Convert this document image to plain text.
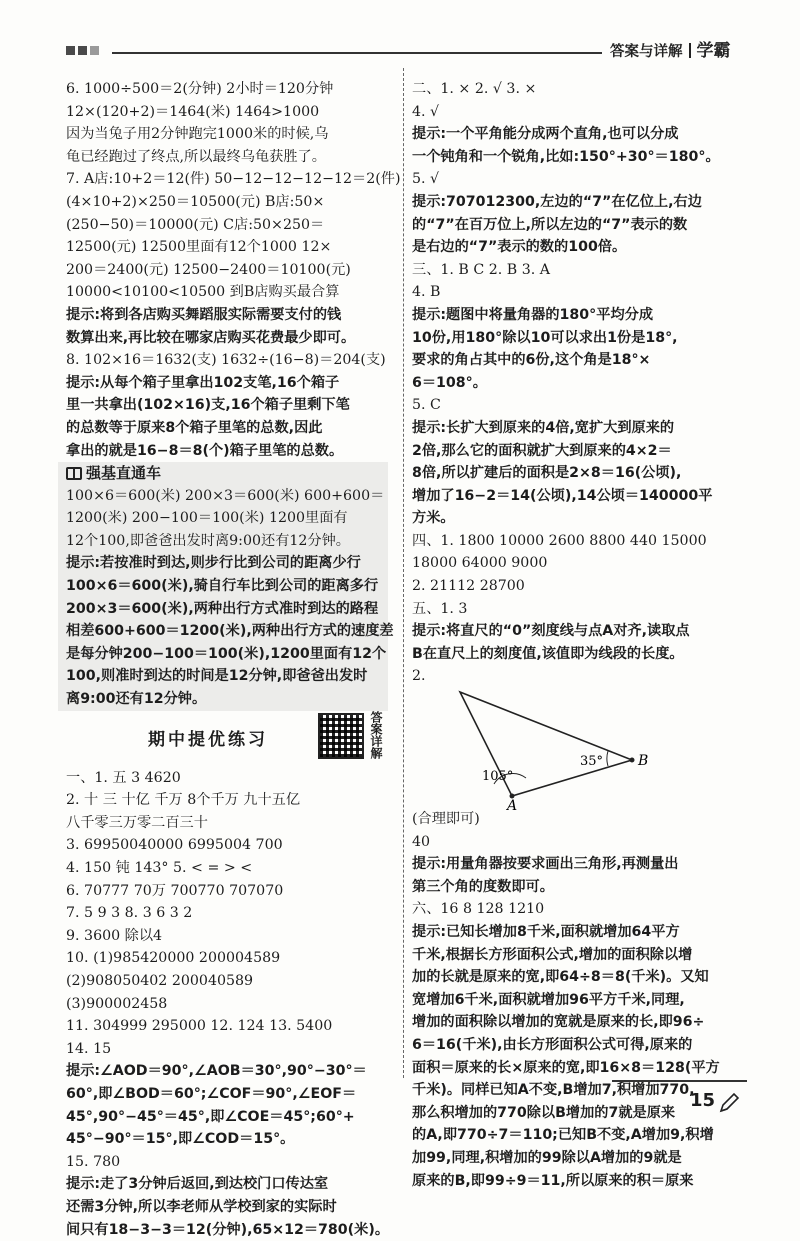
答案与详解 学霸
6. 1000÷500＝2(分钟) 2小时＝120分钟
12×(120+2)＝1464(米) 1464>1000
因为当兔子用2分钟跑完1000米的时候,乌
龟已经跑过了终点,所以最终乌龟获胜了。
7. A店:10+2＝12(件) 50−12−12−12−12＝2(件)
(4×10+2)×250＝10500(元) B店:50×
(250−50)＝10000(元) C店:50×250＝
12500(元) 12500里面有12个1000 12×
200＝2400(元) 12500−2400＝10100(元)
10000<10100<10500 到B店购买最合算
提示:将到各店购买舞蹈服实际需要支付的钱
数算出来,再比较在哪家店购买花费最少即可。
8. 102×16＝1632(支) 1632÷(16−8)＝204(支)
提示:从每个箱子里拿出102支笔,16个箱子
里一共拿出(102×16)支,16个箱子里剩下笔
的总数等于原来8个箱子里笔的总数,因此
拿出的就是16−8＝8(个)箱子里笔的总数。
强基直通车
100×6＝600(米) 200×3＝600(米) 600+600＝
1200(米) 200−100＝100(米) 1200里面有
12个100,即爸爸出发时离9:00还有12分钟。
提示:若按准时到达,则步行比到公司的距离少行
100×6＝600(米),骑自行车比到公司的距离多行
200×3＝600(米),两种出行方式准时到达的路程
相差600+600＝1200(米),两种出行方式的速度差
是每分钟200−100＝100(米),1200里面有12个
100,则准时到达的时间是12分钟,即爸爸出发时
离9:00还有12分钟。
期中提优练习	答案详解
一、1. 五 3 4620
2. 十 三 十亿 千万 8个千万 九十五亿
八千零三万零二百三十
3. 69950040000 6995004 700
4. 150 钝 143° 5. < = > <
6. 70777 70万 700770 707070
7. 5 9 3 8. 3 6 3 2
9. 3600 除以4
10. (1)985420000 200004589
(2)908050402 200040589
(3)900002458
11. 304999 295000 12. 124 13. 5400
14. 15
提示:∠AOD＝90°,∠AOB＝30°,90°−30°＝
60°,即∠BOD＝60°;∠COF＝90°,∠EOF＝
45°,90°−45°＝45°,即∠COE＝45°;60°+
45°−90°＝15°,即∠COD＝15°。
15. 780
提示:走了3分钟后返回,到达校门口传达室
还需3分钟,所以李老师从学校到家的实际时
间只有18−3−3＝12(分钟),65×12＝780(米)。
二、1. × 2. √ 3. ×
4. √
提示:一个平角能分成两个直角,也可以分成
一个钝角和一个锐角,比如:150°+30°＝180°。
5. √
提示:707012300,左边的“7”在亿位上,右边
的“7”在百万位上,所以左边的“7”表示的数
是右边的“7”表示的数的100倍。
三、1. B C 2. B 3. A
4. B
提示:题图中将量角器的180°平均分成
10份,用180°除以10可以求出1份是18°,
要求的角占其中的6份,这个角是18°×
6＝108°。
5. C
提示:长扩大到原来的4倍,宽扩大到原来的
2倍,那么它的面积就扩大到原来的4×2＝
8倍,所以扩建后的面积是2×8＝16(公顷),
增加了16−2＝14(公顷),14公顷＝140000平
方米。
四、1. 1800 10000 2600 8800 440 15000
18000 64000 9000
2. 21112 28700
五、1. 3
提示:将直尺的“0”刻度线与点A对齐,读取点
B在直尺上的刻度值,该值即为线段的长度。
2.
35°
105°
B
A
(合理即可)
40
提示:用量角器按要求画出三角形,再测量出
第三个角的度数即可。
六、16 8 128 1210
提示:已知长增加8千米,面积就增加64平方
千米,根据长方形面积公式,增加的面积除以增
加的长就是原来的宽,即64÷8＝8(千米)。又知
宽增加6千米,面积就增加96平方千米,同理,
增加的面积除以增加的宽就是原来的长,即96÷
6＝16(千米),由长方形面积公式可得,原来的
面积＝原来的长×原来的宽,即16×8＝128(平方
千米)。同样已知A不变,B增加7,积增加770,
那么积增加的770除以B增加的7就是原来
的A,即770÷7＝110;已知B不变,A增加9,积增
加99,同理,积增加的99除以A增加的9就是
原来的B,即99÷9＝11,所以原来的积＝原来
15
